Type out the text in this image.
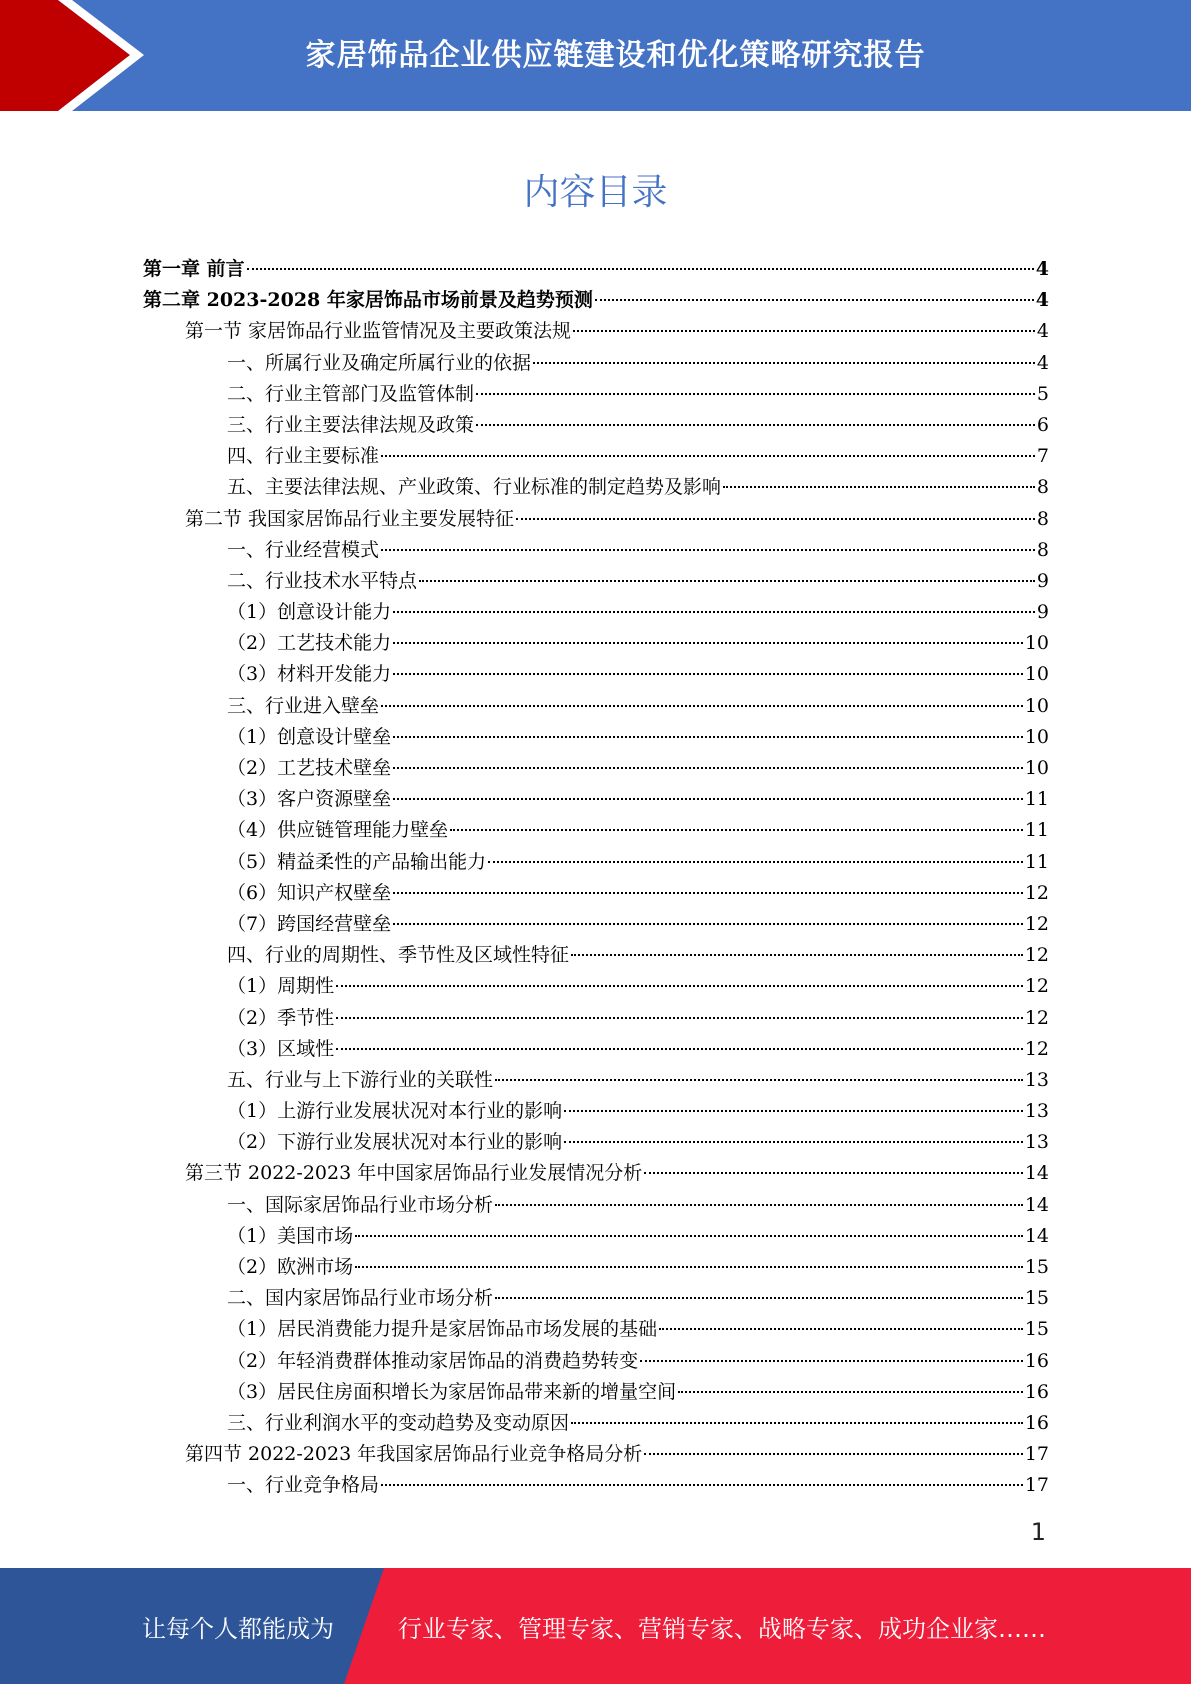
家居饰品企业供应链建设和优化策略研究报告
内容目录
第一章 前言	4
第二章 2023-2028 年家居饰品市场前景及趋势预测	4
第一节 家居饰品行业监管情况及主要政策法规	4
一、所属行业及确定所属行业的依据	4
二、行业主管部门及监管体制	5
三、行业主要法律法规及政策	6
四、行业主要标准	7
五、主要法律法规、产业政策、行业标准的制定趋势及影响	8
第二节 我国家居饰品行业主要发展特征	8
一、行业经营模式	8
二、行业技术水平特点	9
（1）创意设计能力	9
（2）工艺技术能力	10
（3）材料开发能力	10
三、行业进入壁垒	10
（1）创意设计壁垒	10
（2）工艺技术壁垒	10
（3）客户资源壁垒	11
（4）供应链管理能力壁垒	11
（5）精益柔性的产品输出能力	11
（6）知识产权壁垒	12
（7）跨国经营壁垒	12
四、行业的周期性、季节性及区域性特征	12
（1）周期性	12
（2）季节性	12
（3）区域性	12
五、行业与上下游行业的关联性	13
（1）上游行业发展状况对本行业的影响	13
（2）下游行业发展状况对本行业的影响	13
第三节 2022-2023 年中国家居饰品行业发展情况分析	14
一、国际家居饰品行业市场分析	14
（1）美国市场	14
（2）欧洲市场	15
二、国内家居饰品行业市场分析	15
（1）居民消费能力提升是家居饰品市场发展的基础	15
（2）年轻消费群体推动家居饰品的消费趋势转变	16
（3）居民住房面积增长为家居饰品带来新的增量空间	16
三、行业利润水平的变动趋势及变动原因	16
第四节 2022-2023 年我国家居饰品行业竞争格局分析	17
一、行业竞争格局	17
1
让每个人都能成为	行业专家、管理专家、营销专家、战略专家、成功企业家……
